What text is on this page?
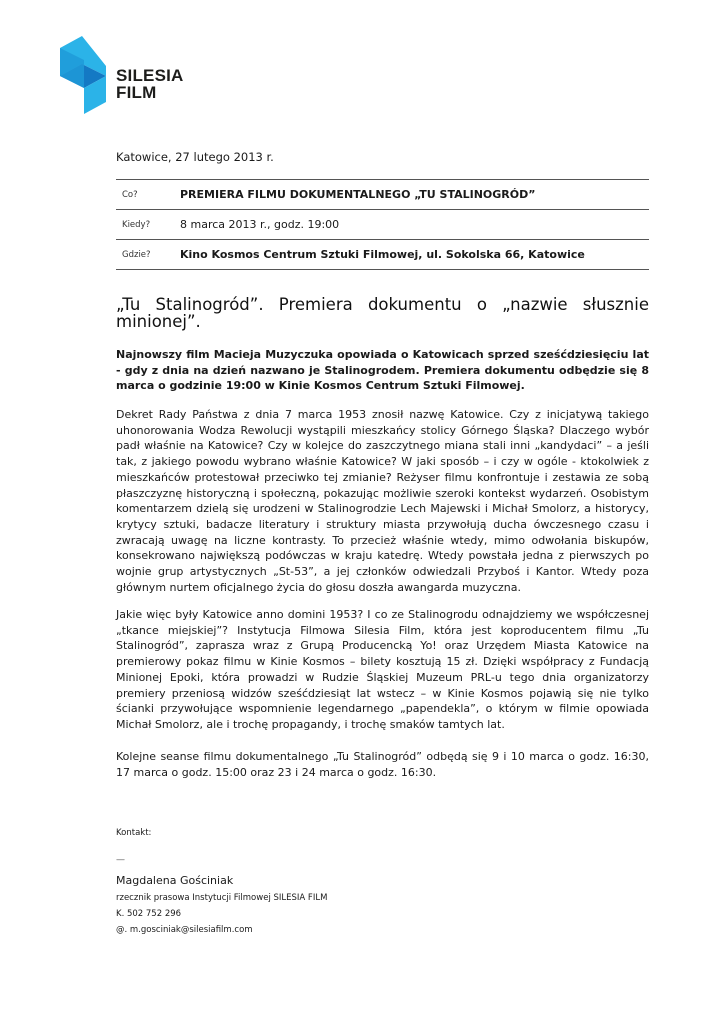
SILESIA
FILM
Katowice, 27 lutego 2013 r.
Co?	PREMIERA FILMU DOKUMENTALNEGO „TU STALINOGRÓD”
Kiedy?	8 marca 2013 r., godz. 19:00
Gdzie?	Kino Kosmos Centrum Sztuki Filmowej, ul. Sokolska 66, Katowice
„Tu Stalinogród”. Premiera dokumentu o „nazwie słusznie minionej”.
Najnowszy film Macieja Muzyczuka opowiada o Katowicach sprzed sześćdziesięciu lat - gdy z dnia na dzień nazwano je Stalinogrodem. Premiera dokumentu odbędzie się 8 marca o godzinie 19:00 w Kinie Kosmos Centrum Sztuki Filmowej.
Dekret Rady Państwa z dnia 7 marca 1953 znosił nazwę Katowice. Czy z inicjatywą takiego uhonorowania Wodza Rewolucji wystąpili mieszkańcy stolicy Górnego Śląska? Dlaczego wybór padł właśnie na Katowice? Czy w kolejce do zaszczytnego miana stali inni „kandydaci” – a jeśli tak, z jakiego powodu wybrano właśnie Katowice? W jaki sposób – i czy w ogóle - ktokolwiek z mieszkańców protestował przeciwko tej zmianie? Reżyser filmu konfrontuje i zestawia ze sobą płaszczyznę historyczną i społeczną, pokazując możliwie szeroki kontekst wydarzeń. Osobistym komentarzem dzielą się urodzeni w Stalinogrodzie Lech Majewski i Michał Smolorz, a historycy, krytycy sztuki, badacze literatury i struktury miasta przywołują ducha ówczesnego czasu i zwracają uwagę na liczne kontrasty. To przecież właśnie wtedy, mimo odwołania biskupów, konsekrowano największą podówczas w kraju katedrę. Wtedy powstała jedna z pierwszych po wojnie grup artystycznych „St-53”, a jej członków odwiedzali Przyboś i Kantor. Wtedy poza głównym nurtem oficjalnego życia do głosu doszła awangarda muzyczna.
Jakie więc były Katowice anno domini 1953? I co ze Stalinogrodu odnajdziemy we współczesnej „tkance miejskiej”? Instytucja Filmowa Silesia Film, która jest koproducentem filmu „Tu Stalinogród”, zaprasza wraz z Grupą Producencką Yo! oraz Urzędem Miasta Katowice na premierowy pokaz filmu w Kinie Kosmos – bilety kosztują 15 zł. Dzięki współpracy z Fundacją Minionej Epoki, która prowadzi w Rudzie Śląskiej Muzeum PRL-u tego dnia organizatorzy premiery przeniosą widzów sześćdziesiąt lat wstecz – w Kinie Kosmos pojawią się nie tylko ścianki przywołujące wspomnienie legendarnego „papendekla”, o którym w filmie opowiada Michał Smolorz, ale i trochę propagandy, i trochę smaków tamtych lat.
Kolejne seanse filmu dokumentalnego „Tu Stalinogród” odbędą się 9 i 10 marca o godz. 16:30, 17 marca o godz. 15:00 oraz 23 i 24 marca o godz. 16:30.
Kontakt:
—
Magdalena Gościniak
rzecznik prasowa Instytucji Filmowej SILESIA FILM
K. 502 752 296
@. m.gosciniak@silesiafilm.com
